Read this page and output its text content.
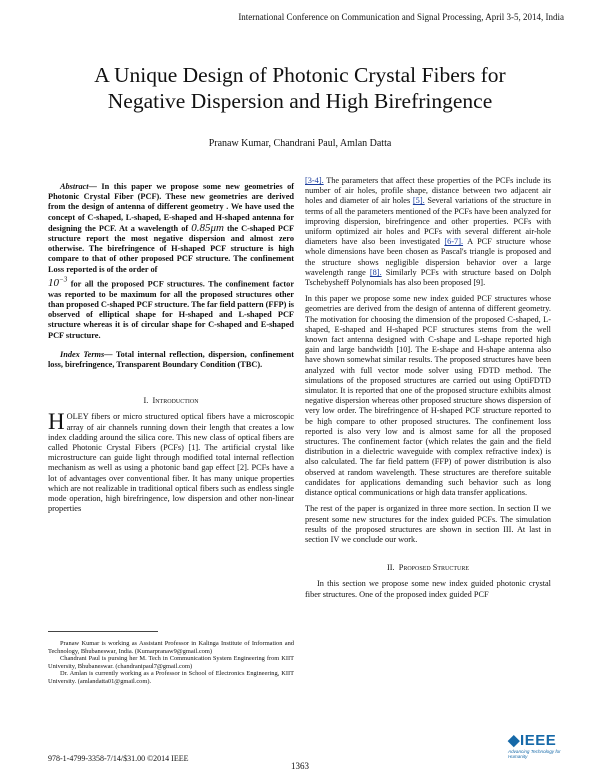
International Conference on Communication and Signal Processing, April 3-5, 2014, India
A Unique Design of Photonic Crystal Fibers for
Negative Dispersion and High Birefringence
Pranaw Kumar, Chandrani Paul, Amlan Datta

Abstract— In this paper we propose some new geometries of Photonic Crystal Fiber (PCF). These new geometries are derived from the design of antenna of different geometry . We have used the concept of C-shaped, L-shaped, E-shaped and H-shaped antenna for designing the PCF. At a wavelength of 0.85μm the C-shaped PCF structure report the most negative dispersion and almost zero otherwise. The birefringence of H-shaped PCF structure is high compare to that of other proposed PCF structure. The confinement Loss reported is of the order of
$10^{-3}$ for all the proposed PCF structures. The confinement factor was reported to be maximum for all the proposed structures other than proposed C-shaped PCF structure. The far field pattern (FFP) is observed of elliptical shape for H-shaped and L-shaped PCF structure whereas it is of circular shape for C-shaped and E-shaped PCF structure.

Index Terms— Total internal reflection, dispersion, confinement loss, birefringence, Transparent Boundary Condition (TBC).

I. Introduction

HOLEY fibers or micro structured optical fibers have a microscopic array of air channels running down their length that creates a low index cladding around the silica core. This new class of optical fibers are called Photonic Crystal Fibers (PCFs) [1]. The artificial crystal like microstructure can guide light through modified total internal reflection mechanism as well as using a photonic band gap effect [2]. PCFs have a lot of advantages over conventional fiber. It has many unique properties which are not realizable in traditional optical fibers such as endless single mode operation, high birefringence, low dispersion and other non-linear properties

Pranaw Kumar is working as Assistant Professor in Kalinga Institute of Information and Technology, Bhubaneswar, India. (Kumarpranaw9@gmail.com)

Chandrani Paul is pursing her M. Tech in Communication System Engineering from KIIT University, Bhubaneswar. (chandranipaul7@gmail.com)

Dr. Amlan is currently working as a Professor in School of Electronics Engineering, KIIT University. (amlandatta01@gmail.com).

[3-4]. The parameters that affect these properties of the PCFs include its number of air holes, profile shape, distance between two adjacent air holes and diameter of air holes [5]. Several variations of the structure in terms of all the parameters mentioned of the PCFs have been analyzed for improving dispersion, birefringence and other properties. PCFs with uniform optimized air holes and PCFs with several different air-hole diameters have also been investigated [6-7]. A PCF structure whose whole dimensions have been chosen as Pascal's triangle is proposed and the structure shows negligible dispersion behavior over a large wavelength range [8]. Similarly PCFs with structure based on Dolph Tschebysheff Polynomials has also been proposed [9].

In this paper we propose some new index guided PCF structures whose geometries are derived from the design of antenna of different geometry. The motivation for choosing the dimension of the proposed C-shaped, L-shaped, E-shaped and H-shaped PCF structures stems from the well known fact antenna designed with C-shape and L-shape reported high gain and large bandwidth [10]. The E-shape and H-shape antenna also have shown somewhat similar results. The proposed structures have been analyzed with full vector mode solver using FDTD method. The simulations of the proposed structures are carried out using OptiFDTD simulator. It is reported that one of the proposed structure exhibits almost negative dispersion whereas other proposed structure shows dispersion of very low order. The birefringence of H-shaped PCF structure reported to be high compare to other proposed structures. The confinement loss reported is also very low and is almost same for all the proposed structures. The confinement factor (which relates the gain and the field distribution in a dielectric waveguide with complex refractive index) is also calculated. The far field pattern (FFP) of power distribution is also observed at random wavelength. These structures are therefore suitable candidates for applications demanding such behavior such as long distance optical communications or high data transfer applications.

The rest of the paper is organized in three more section. In section II we present some new structures for the index guided PCFs. The simulation results of the proposed structures are shown in section III. At last in section IV we conclude our work.

II. Proposed Structure

In this section we propose some new index guided photonic crystal fiber structures. One of the proposed index guided PCF

978-1-4799-3358-7/14/$31.00 ©2014 IEEE
◆IEEE
Advancing Technology for Humanity
1363
